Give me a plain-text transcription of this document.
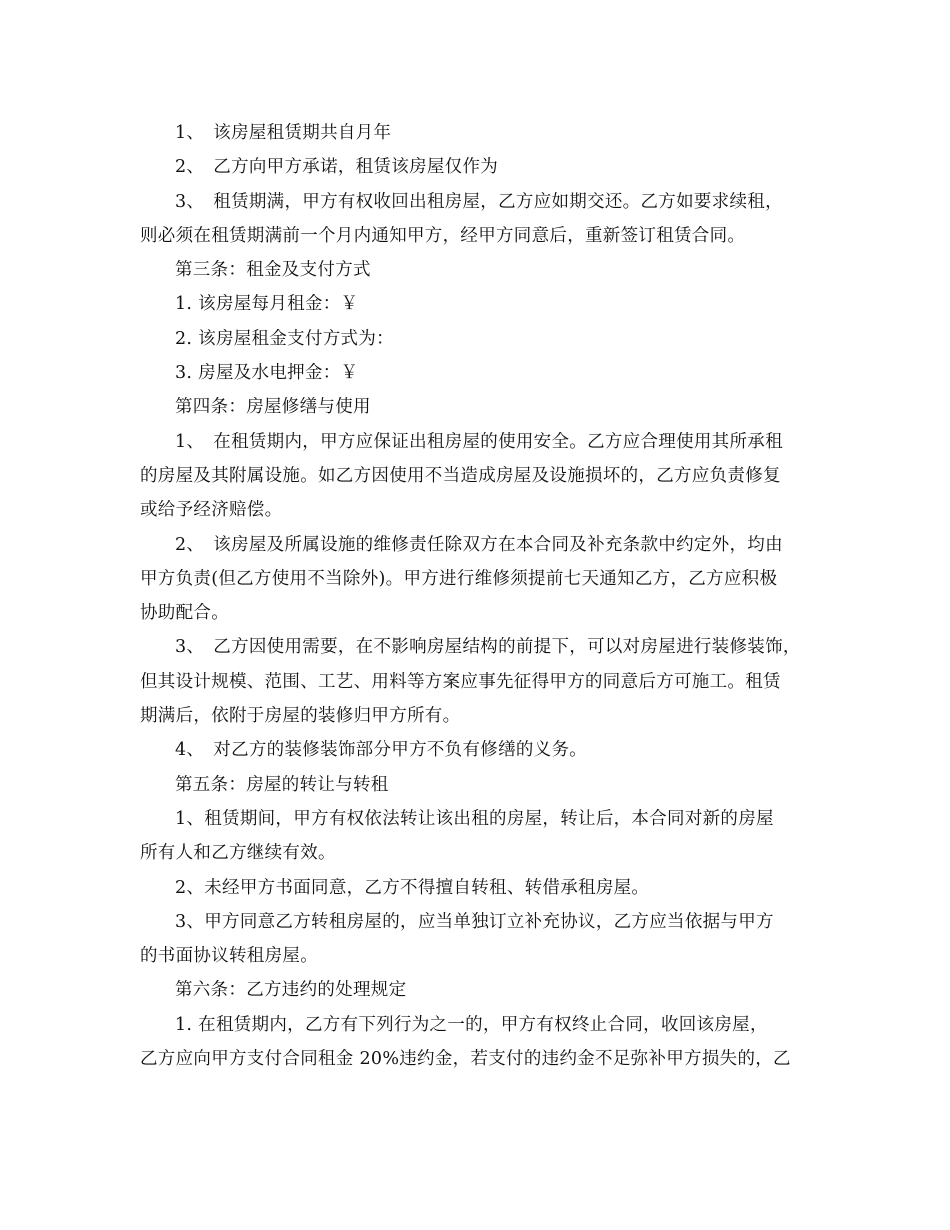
1、　该房屋租赁期共自月年
2、　乙方向甲方承诺，租赁该房屋仅作为
3、　租赁期满，甲方有权收回出租房屋，乙方应如期交还。乙方如要求续租，
则必须在租赁期满前一个月内通知甲方，经甲方同意后，重新签订租赁合同。
第三条：租金及支付方式
1. 该房屋每月租金：￥
2. 该房屋租金支付方式为：
3. 房屋及水电押金：￥
第四条：房屋修缮与使用
1、　在租赁期内，甲方应保证出租房屋的使用安全。乙方应合理使用其所承租
的房屋及其附属设施。如乙方因使用不当造成房屋及设施损坏的，乙方应负责修复
或给予经济赔偿。
2、　该房屋及所属设施的维修责任除双方在本合同及补充条款中约定外，均由
甲方负责(但乙方使用不当除外)。甲方进行维修须提前七天通知乙方，乙方应积极
协助配合。
3、　乙方因使用需要，在不影响房屋结构的前提下，可以对房屋进行装修装饰，
但其设计规模、范围、工艺、用料等方案应事先征得甲方的同意后方可施工。租赁
期满后，依附于房屋的装修归甲方所有。
4、　对乙方的装修装饰部分甲方不负有修缮的义务。
第五条：房屋的转让与转租
1、租赁期间，甲方有权依法转让该出租的房屋，转让后，本合同对新的房屋
所有人和乙方继续有效。
2、未经甲方书面同意，乙方不得擅自转租、转借承租房屋。
3、甲方同意乙方转租房屋的，应当单独订立补充协议，乙方应当依据与甲方
的书面协议转租房屋。
第六条：乙方违约的处理规定
1. 在租赁期内，乙方有下列行为之一的，甲方有权终止合同，收回该房屋，
乙方应向甲方支付合同租金 20%违约金，若支付的违约金不足弥补甲方损失的，乙
